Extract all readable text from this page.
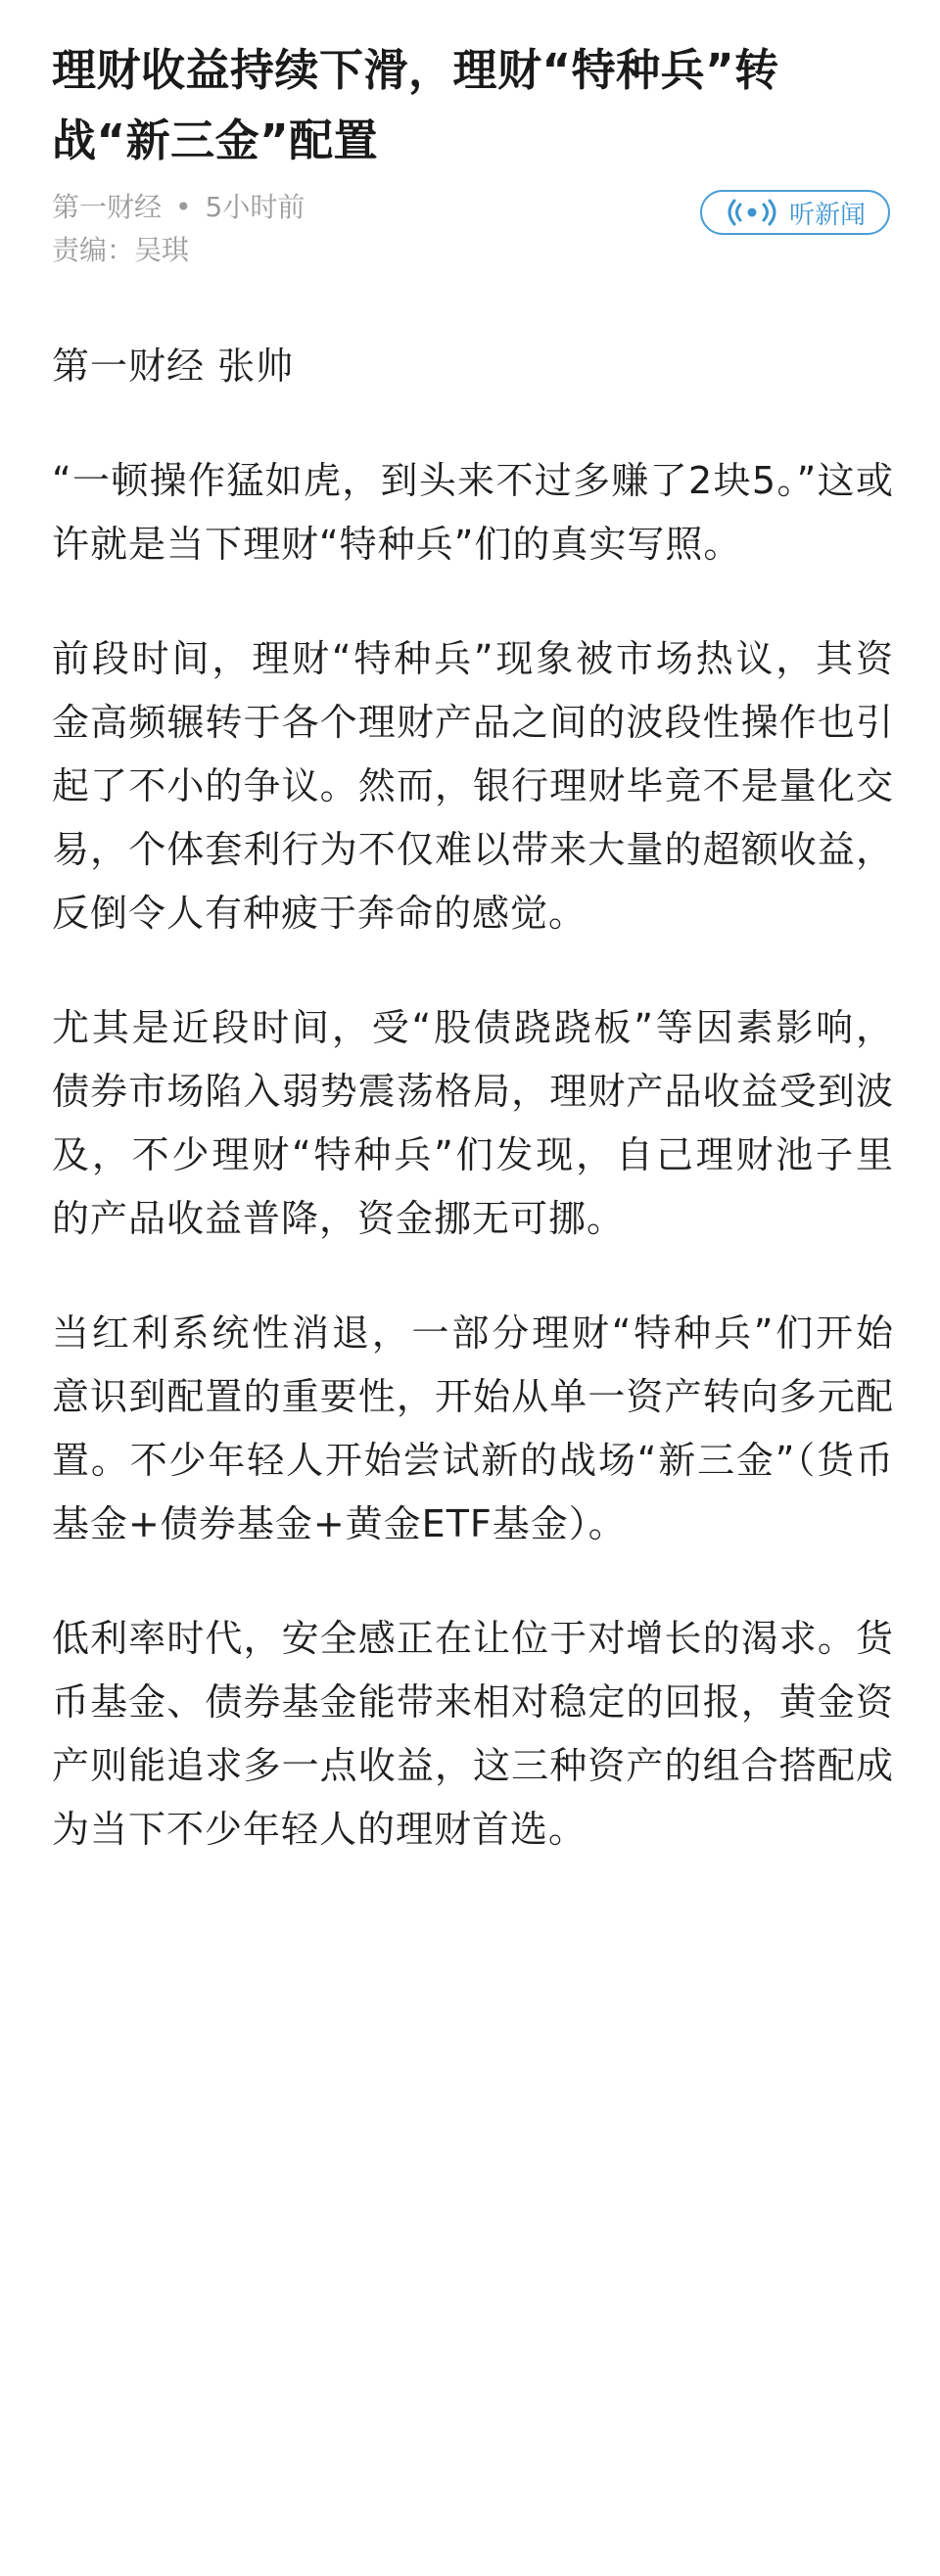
理财收益持续下滑，理财“特种兵”转战“新三金”配置
第一财经 • 5小时前
责编：吴琪
听新闻

第一财经 张帅

“一顿操作猛如虎，到头来不过多赚了2块5。”这或许就是当下理财“特种兵”们的真实写照。

前段时间，理财“特种兵”现象被市场热议，其资金高频辗转于各个理财产品之间的波段性操作也引起了不小的争议。然而，银行理财毕竟不是量化交易，个体套利行为不仅难以带来大量的超额收益，反倒令人有种疲于奔命的感觉。

尤其是近段时间，受“股债跷跷板”等因素影响，债券市场陷入弱势震荡格局，理财产品收益受到波及，不少理财“特种兵”们发现，自己理财池子里的产品收益普降，资金挪无可挪。

当红利系统性消退，一部分理财“特种兵”们开始意识到配置的重要性，开始从单一资产转向多元配置。不少年轻人开始尝试新的战场“新三金”（货币基金+债券基金+黄金ETF基金）。

低利率时代，安全感正在让位于对增长的渴求。货币基金、债券基金能带来相对稳定的回报，黄金资产则能追求多一点收益，这三种资产的组合搭配成为当下不少年轻人的理财首选。
